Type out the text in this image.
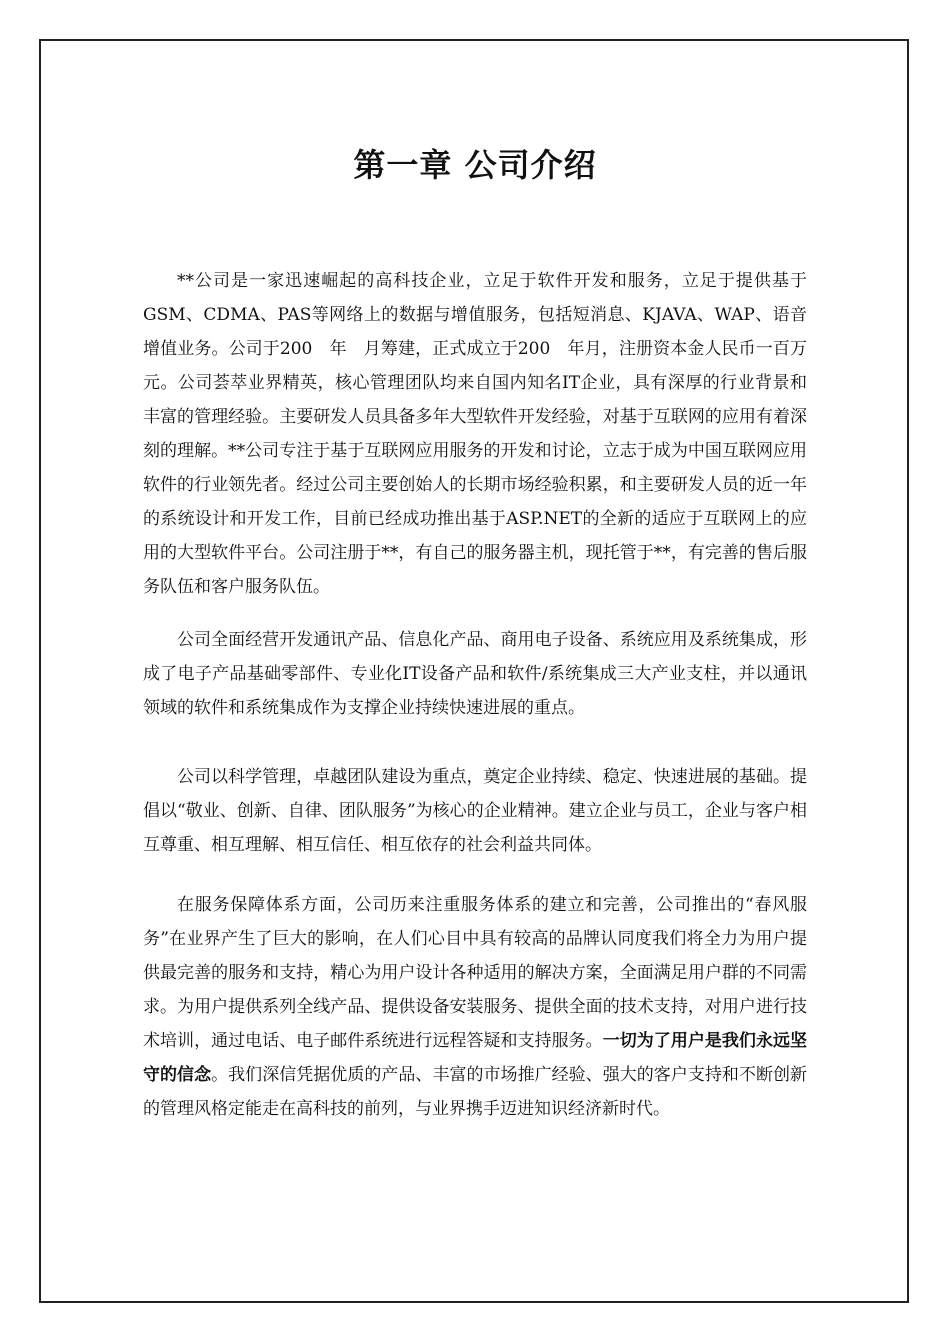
第一章 公司介绍

**公司是一家迅速崛起的高科技企业，立足于软件开发和服务，立足于提供基于GSM、CDMA、PAS等网络上的数据与增值服务，包括短消息、KJAVA、WAP、语音增值业务。公司于200　年　月筹建，正式成立于200　年月，注册资本金人民币一百万元。公司荟萃业界精英，核心管理团队均来自国内知名IT企业，具有深厚的行业背景和丰富的管理经验。主要研发人员具备多年大型软件开发经验，对基于互联网的应用有着深刻的理解。**公司专注于基于互联网应用服务的开发和讨论，立志于成为中国互联网应用软件的行业领先者。经过公司主要创始人的长期市场经验积累，和主要研发人员的近一年的系统设计和开发工作，目前已经成功推出基于ASP.NET的全新的适应于互联网上的应用的大型软件平台。公司注册于**，有自己的服务器主机，现托管于**，有完善的售后服务队伍和客户服务队伍。

公司全面经营开发通讯产品、信息化产品、商用电子设备、系统应用及系统集成，形成了电子产品基础零部件、专业化IT设备产品和软件/系统集成三大产业支柱，并以通讯领域的软件和系统集成作为支撑企业持续快速进展的重点。

公司以科学管理，卓越团队建设为重点，奠定企业持续、稳定、快速进展的基础。提倡以“敬业、创新、自律、团队服务”为核心的企业精神。建立企业与员工，企业与客户相互尊重、相互理解、相互信任、相互依存的社会利益共同体。

在服务保障体系方面，公司历来注重服务体系的建立和完善，公司推出的“春风服务”在业界产生了巨大的影响，在人们心目中具有较高的品牌认同度我们将全力为用户提供最完善的服务和支持，精心为用户设计各种适用的解决方案，全面满足用户群的不同需求。为用户提供系列全线产品、提供设备安装服务、提供全面的技术支持，对用户进行技术培训，通过电话、电子邮件系统进行远程答疑和支持服务。一切为了用户是我们永远坚守的信念。我们深信凭据优质的产品、丰富的市场推广经验、强大的客户支持和不断创新的管理风格定能走在高科技的前列，与业界携手迈进知识经济新时代。
